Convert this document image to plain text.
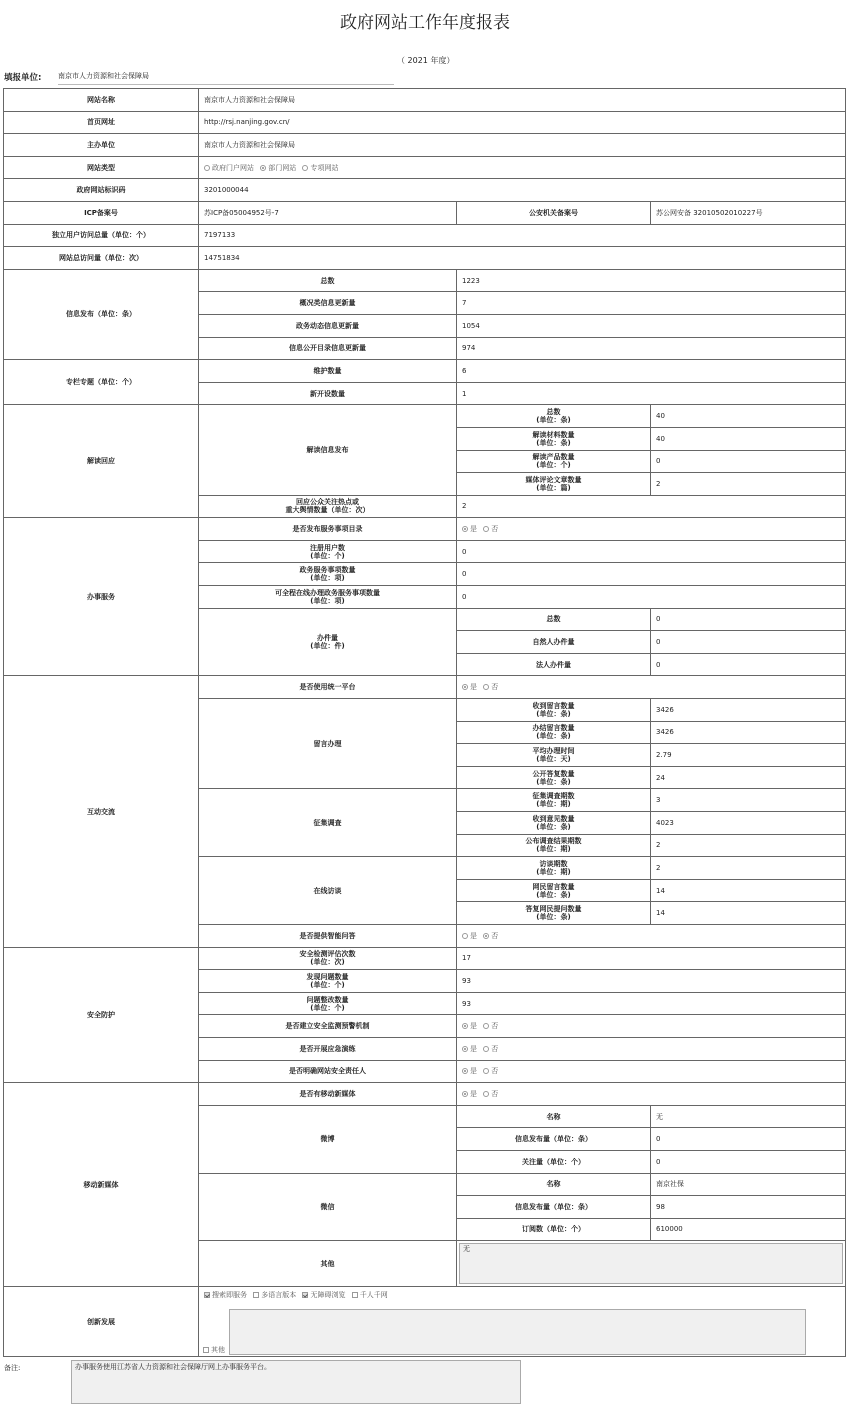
政府网站工作年度报表
（ 2021 年度）
填报单位: 南京市人力资源和社会保障局
网站名称	南京市人力资源和社会保障局		
首页网址	http://rsj.nanjing.gov.cn/		
主办单位	南京市人力资源和社会保障局		
网站类型	政府门户网站 部门网站 专项网站		
政府网站标识码	3201000044		
ICP备案号	苏ICP备05004952号-7	公安机关备案号	苏公网安备 32010502010227号
独立用户访问总量（单位：个）	7197133		
网站总访问量（单位：次）	14751834		
信息发布（单位：条）	总数	1223	
	概况类信息更新量	7	
	政务动态信息更新量	1054	
	信息公开目录信息更新量	974	
专栏专题（单位：个）	维护数量	6	
	新开设数量	1	
解读回应	解读信息发布	总数
(单位：条)	40
		解读材料数量
(单位：条)	40
		解读产品数量
(单位：个)	0
		媒体评论文章数量
(单位：篇)	2
	回应公众关注热点或
重大舆情数量（单位：次）	2	
办事服务	是否发布服务事项目录	是 否	
	注册用户数
(单位：个)	0	
	政务服务事项数量
(单位：项)	0	
	可全程在线办理政务服务事项数量
(单位：项)	0	
	办件量
(单位：件)	总数	0
		自然人办件量	0
		法人办件量	0
互动交流	是否使用统一平台	是 否	
	留言办理	收到留言数量
(单位：条)	3426
		办结留言数量
(单位：条)	3426
		平均办理时间
(单位：天)	2.79
		公开答复数量
(单位：条)	24
	征集调查	征集调查期数
(单位：期)	3
		收到意见数量
(单位：条)	4023
		公布调查结果期数
(单位：期)	2
	在线访谈	访谈期数
(单位：期)	2
		网民留言数量
(单位：条)	14
		答复网民提问数量
(单位：条)	14
	是否提供智能问答	是 否	
安全防护	安全检测评估次数
(单位：次)	17	
	发现问题数量
(单位：个)	93	
	问题整改数量
(单位：个)	93	
	是否建立安全监测预警机制	是 否	
	是否开展应急演练	是 否	
	是否明确网站安全责任人	是 否	
移动新媒体	是否有移动新媒体	是 否	
	微博	名称	无
		信息发布量（单位：条）	0
		关注量（单位：个）	0
	微信	名称	南京社保
		信息发布量（单位：条）	98
		订阅数（单位：个）	610000
	其他	无	

创新发展	搜索即服务 多语言版本 无障碍浏览 千人千网
其他		
备注:	办事服务使用江苏省人力资源和社会保障厅网上办事服务平台。
